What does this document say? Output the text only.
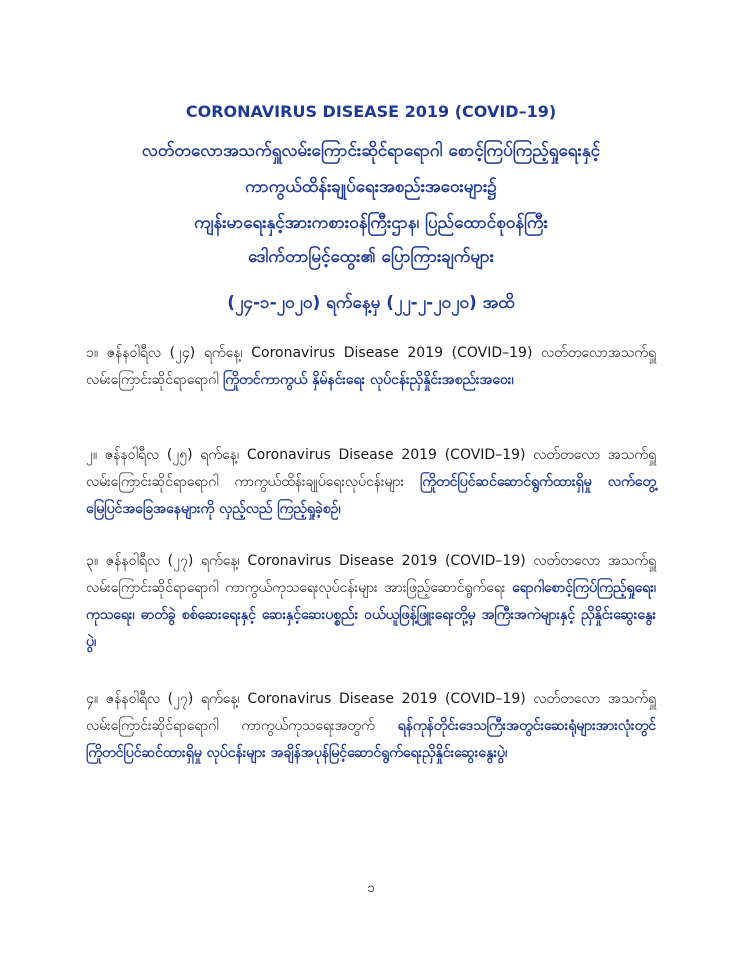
CORONAVIRUS DISEASE 2019 (COVID–19)
လတ်တလောအသက်ရှူလမ်းကြောင်းဆိုင်ရာရောဂါ စောင့်ကြပ်ကြည့်ရှုရေးနှင့်
ကာကွယ်ထိန်းချုပ်ရေးအစည်းအဝေးများ၌
ကျန်းမာရေးနှင့်အားကစားဝန်ကြီးဌာန၊ ပြည်ထောင်စုဝန်ကြီး
ဒေါက်တာမြင့်ထွေး၏ ပြောကြားချက်များ
(၂၄-၁-၂၀၂၀) ရက်နေ့မှ (၂၂-၂-၂၀၂၀) အထိ
၁။ ဇန်နဝါရီလ (၂၄) ရက်နေ့၊ Coronavirus Disease 2019 (COVID–19) လတ်တလောအသက်ရှူလမ်းကြောင်းဆိုင်ရာရောဂါ ကြိုတင်ကာကွယ် နှိမ်နင်းရေး လုပ်ငန်းညှိနှိုင်းအစည်းအဝေး၊
၂။ ဇန်နဝါရီလ (၂၅) ရက်နေ့၊ Coronavirus Disease 2019 (COVID–19) လတ်တလော အသက်ရှူလမ်းကြောင်းဆိုင်ရာရောဂါ ကာကွယ်ထိန်းချုပ်ရေးလုပ်ငန်းများ ကြိုတင်ပြင်ဆင်ဆောင်ရွက်ထားရှိမှု လက်တွေ့မြေပြင်အခြေအနေများကို လှည့်လည် ကြည့်ရှုခဲ့စဉ်၊
၃။ ဇန်နဝါရီလ (၂၇) ရက်နေ့၊ Coronavirus Disease 2019 (COVID–19) လတ်တလော အသက်ရှူလမ်းကြောင်းဆိုင်ရာရောဂါ ကာကွယ်ကုသရေးလုပ်ငန်းများ အားဖြည့်ဆောင်ရွက်ရေး ရောဂါစောင့်ကြပ်ကြည့်ရှုရေး၊ ကုသရေး၊ ဓာတ်ခွဲ စစ်ဆေးရေးနှင့် ဆေးနှင့်ဆေးပစ္စည်း ဝယ်ယူဖြန့်ဖြူးရေးတို့မှ အကြီးအကဲများနှင့် ညှိနှိုင်းဆွေးနွေးပွဲ၊
၄။ ဇန်နဝါရီလ (၂၇) ရက်နေ့၊ Coronavirus Disease 2019 (COVID–19) လတ်တလော အသက်ရှူလမ်းကြောင်းဆိုင်ရာရောဂါ ကာကွယ်ကုသရေးအတွက် ရန်ကုန်တိုင်းဒေသကြီးအတွင်းဆေးရုံများအားလုံးတွင် ကြိုတင်ပြင်ဆင်ထားရှိမှု လုပ်ငန်းများ အချိန်အပုန်မြင့်ဆောင်ရွက်ရေးညှိနှိုင်းဆွေးနွေးပွဲ၊
၁
